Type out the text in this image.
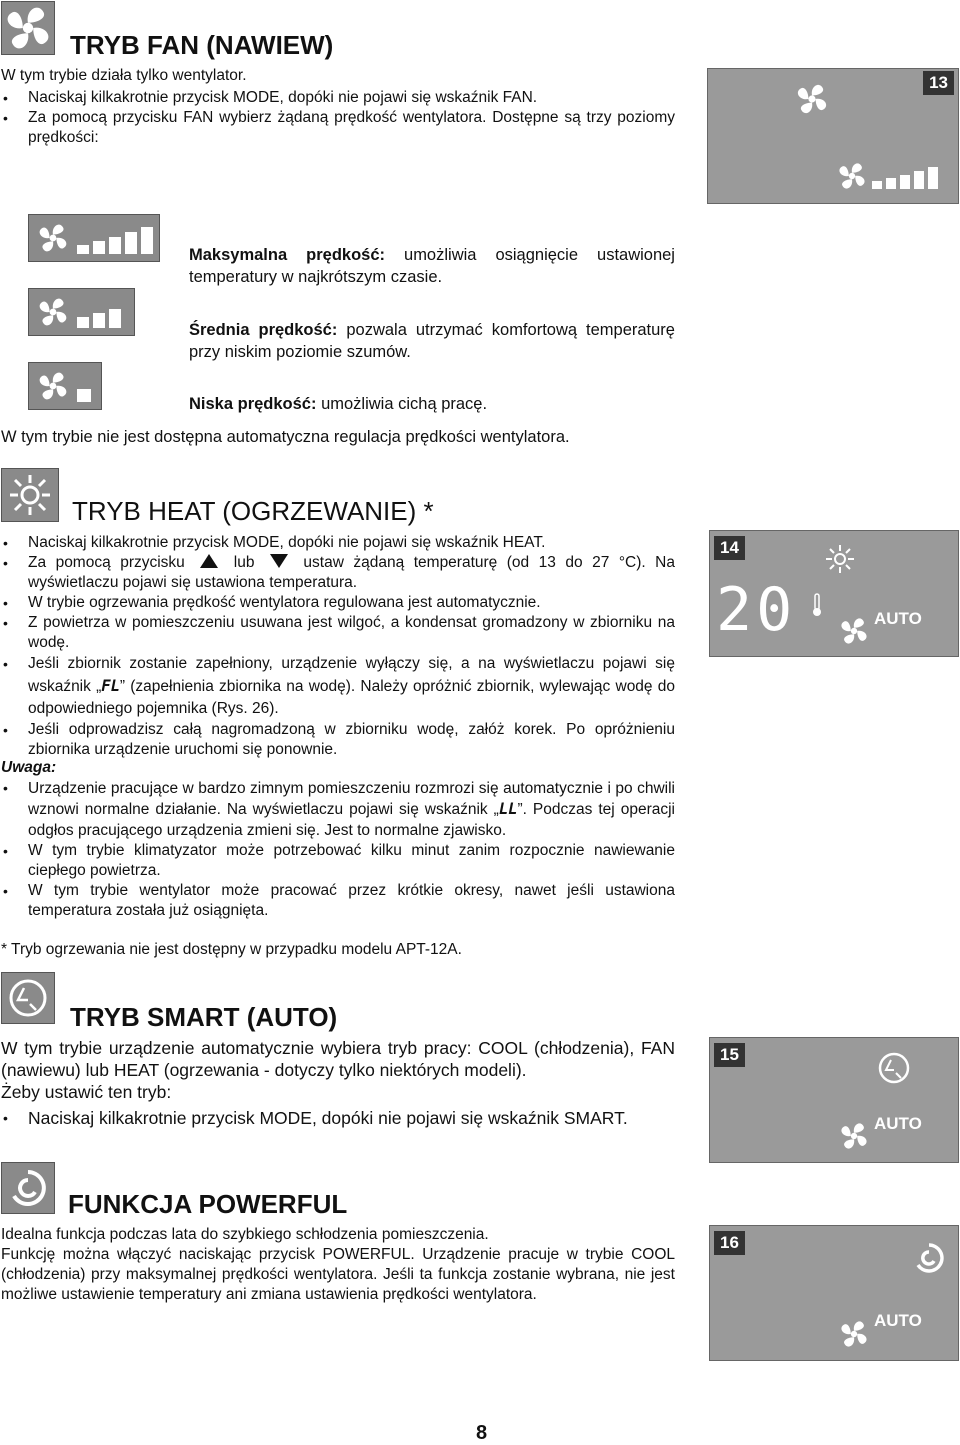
TRYB FAN (NAWIEW)
W tym trybie działa tylko wentylator.
• Naciskaj kilkakrotnie przycisk MODE, dopóki nie pojawi się wskaźnik FAN.
• Za pomocą przycisku FAN wybierz żądaną prędkość wentylatora. Dostępne są trzy poziomy prędkości:
13
Maksymalna prędkość: umożliwia osiągnięcie ustawionej temperatury w najkrótszym czasie.
Średnia prędkość: pozwala utrzymać komfortową temperaturę przy niskim poziomie szumów.
Niska prędkość: umożliwia cichą pracę.
W tym trybie nie jest dostępna automatyczna regulacja prędkości wentylatora.
TRYB HEAT (OGRZEWANIE) *
• Naciskaj kilkakrotnie przycisk MODE, dopóki nie pojawi się wskaźnik HEAT.
• Za pomocą przycisku	lub	ustaw żądaną temperaturę (od 13 do 27 °C). Na wyświetlaczu pojawi się ustawiona temperatura.
• W trybie ogrzewania prędkość wentylatora regulowana jest automatycznie.
• Z powietrza w pomieszczeniu usuwana jest wilgoć, a kondensat gromadzony w zbiorniku na wodę.
• Jeśli zbiornik zostanie zapełniony, urządzenie wyłączy się, a na wyświetlaczu pojawi się wskaźnik „FL” (zapełnienia zbiornika na wodę). Należy opróżnić zbiornik, wylewając wodę do odpowiedniego pojemnika (Rys. 26).
• Jeśli odprowadzisz całą nagromadzoną w zbiorniku wodę, załóż korek. Po opróżnieniu zbiornika urządzenie uruchomi się ponownie.
Uwaga:
• Urządzenie pracujące w bardzo zimnym pomieszczeniu rozmrozi się automatycznie i po chwili wznowi normalne działanie. Na wyświetlaczu pojawi się wskaźnik „LL”. Podczas tej operacji odgłos pracującego urządzenia zmieni się. Jest to normalne zjawisko.
• W tym trybie klimatyzator może potrzebować kilku minut zanim rozpocznie nawiewanie ciepłego powietrza.
• W tym trybie wentylator może pracować przez krótkie okresy, nawet jeśli ustawiona temperatura została już osiągnięta.
* Tryb ogrzewania nie jest dostępny w przypadku modelu APT-12A.
14
20	AUTO
TRYB SMART (AUTO)
W tym trybie urządzenie automatycznie wybiera tryb pracy: COOL (chłodzenia), FAN (nawiewu) lub HEAT (ogrzewania - dotyczy tylko niektórych modeli).
Żeby ustawić ten tryb:
• Naciskaj kilkakrotnie przycisk MODE, dopóki nie pojawi się wskaźnik SMART.
15
AUTO
FUNKCJA POWERFUL
Idealna funkcja podczas lata do szybkiego schłodzenia pomieszczenia.
Funkcję można włączyć naciskając przycisk POWERFUL. Urządzenie pracuje w trybie COOL (chłodzenia) przy maksymalnej prędkości wentylatora. Jeśli ta funkcja zostanie wybrana, nie jest możliwe ustawienie temperatury ani zmiana ustawienia prędkości wentylatora.
16
AUTO
8
